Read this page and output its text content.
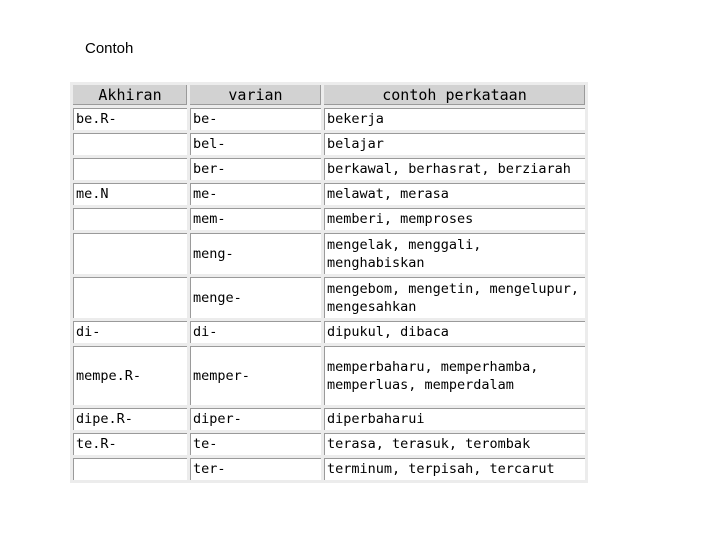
Contoh
Akhiran	varian	contoh perkataan
be.R-	be-	bekerja
	bel-	belajar
	ber-	berkawal, berhasrat, berziarah
me.N	me-	melawat, merasa
	mem-	memberi, memproses
	meng-	mengelak, menggali, menghabiskan
	menge-	mengebom, mengetin, mengelupur, mengesahkan
di-	di-	dipukul, dibaca
mempe.R-	memper-	memperbaharu, memperhamba, memperluas, memperdalam
dipe.R-	diper-	diperbaharui
te.R-	te-	terasa, terasuk, terombak
	ter-	terminum, terpisah, tercarut
